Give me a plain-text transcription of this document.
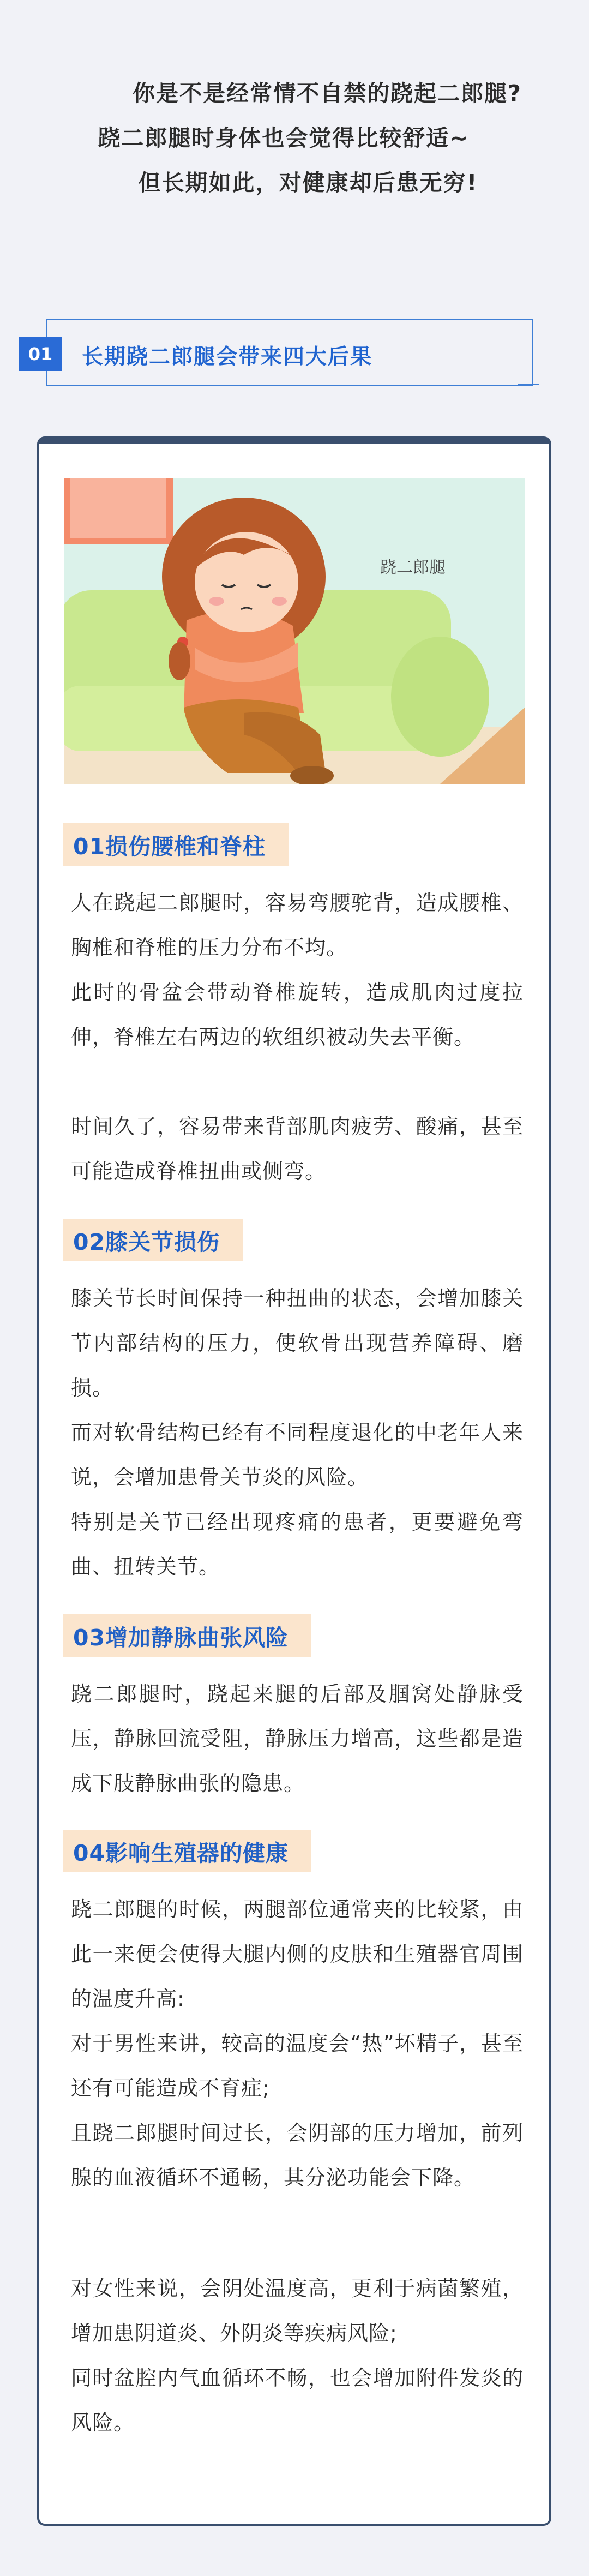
你是不是经常情不自禁的跷起二郎腿?

跷二郎腿时身体也会觉得比较舒适~

但长期如此，对健康却后患无穷!

01	长期跷二郎腿会带来四大后果
跷二郎腿
01损伤腰椎和脊柱

人在跷起二郎腿时，容易弯腰驼背，造成腰椎、胸椎和脊椎的压力分布不均。

此时的骨盆会带动脊椎旋转，造成肌肉过度拉伸，脊椎左右两边的软组织被动失去平衡。

时间久了，容易带来背部肌肉疲劳、酸痛，甚至可能造成脊椎扭曲或侧弯。

02膝关节损伤

膝关节长时间保持一种扭曲的状态，会增加膝关节内部结构的压力，使软骨出现营养障碍、磨损。

而对软骨结构已经有不同程度退化的中老年人来说，会增加患骨关节炎的风险。

特别是关节已经出现疼痛的患者，更要避免弯曲、扭转关节。

03增加静脉曲张风险

跷二郎腿时，跷起来腿的后部及腘窝处静脉受压，静脉回流受阻，静脉压力增高，这些都是造成下肢静脉曲张的隐患。

04影响生殖器的健康

跷二郎腿的时候，两腿部位通常夹的比较紧，由此一来便会使得大腿内侧的皮肤和生殖器官周围的温度升高:

对于男性来讲，较高的温度会“热”坏精子，甚至还有可能造成不育症;

且跷二郎腿时间过长，会阴部的压力增加，前列腺的血液循环不通畅，其分泌功能会下降。

对女性来说，会阴处温度高，更利于病菌繁殖，增加患阴道炎、外阴炎等疾病风险;

同时盆腔内气血循环不畅，也会增加附件发炎的风险。
